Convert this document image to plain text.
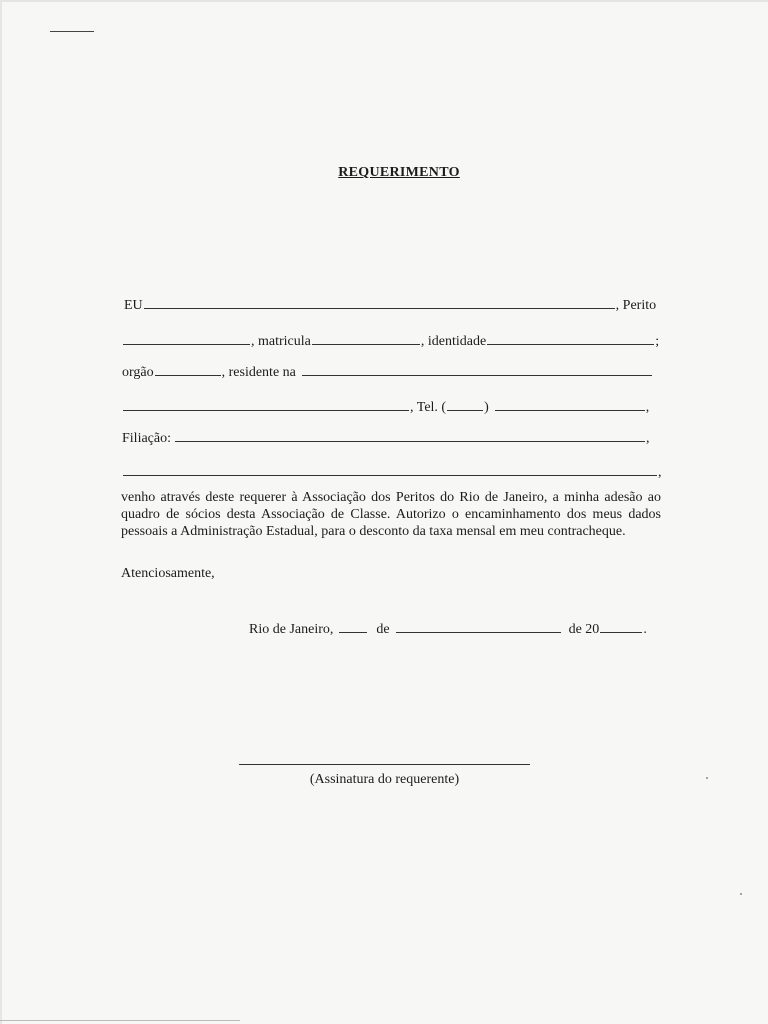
REQUERIMENTO
EU	, Perito
, matricula	, identidade	;
orgão	, residente na
, Tel. (	)	,
Filiação:	,
,
venho através deste requerer à Associação dos Peritos do Rio de Janeiro, a minha adesão ao quadro de sócios desta Associação de Classe. Autorizo o encaminhamento dos meus dados pessoais a Administração Estadual, para o desconto da taxa mensal em meu contracheque.
Atenciosamente,
Rio de Janeiro,	de	de 20	.
(Assinatura do requerente)
